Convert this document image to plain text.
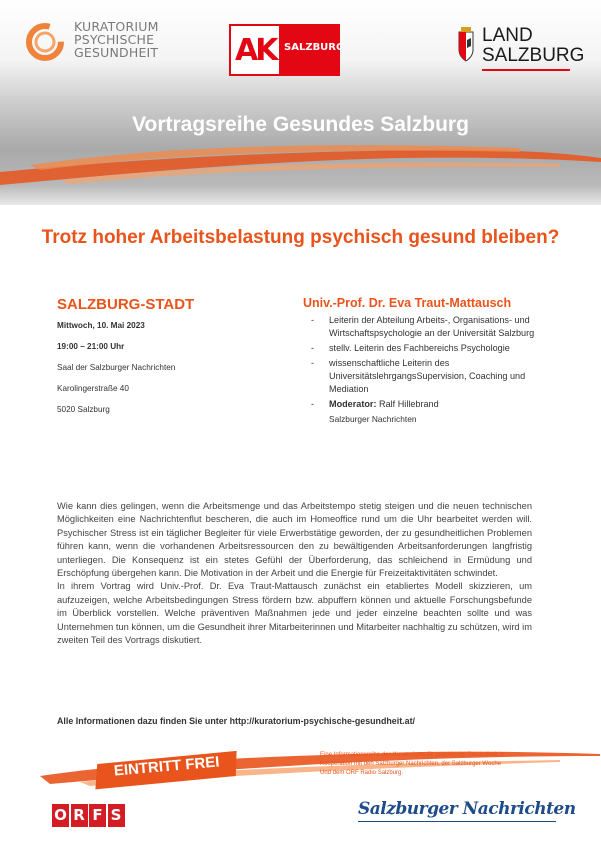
KURATORIUM
PSYCHISCHE
GESUNDHEIT	AK SALZBURG
LAND
SALZBURG
Vortragsreihe Gesundes Salzburg
Trotz hoher Arbeitsbelastung psychisch gesund bleiben?

SALZBURG-STADT

Mittwoch, 10. Mai 2023

19:00 – 21:00 Uhr

Saal der Salzburger Nachrichten

Karolingerstraße 40

5020 Salzburg

Univ.-Prof. Dr. Eva Traut-Mattausch

- Leiterin der Abteilung Arbeits-, Organisations- und Wirtschaftspsychologie an der Universität Salzburg
- stellv. Leiterin des Fachbereichs Psychologie
- wissenschaftliche Leiterin des UniversitätslehrgangsSupervision, Coaching und Mediation
- Moderator: Ralf Hillebrand
Salzburger Nachrichten

Wie kann dies gelingen, wenn die Arbeitsmenge und das Arbeitstempo stetig steigen und die neuen technischen Möglichkeiten eine Nachrichtenflut bescheren, die auch im Homeoffice rund um die Uhr bearbeitet werden will. Psychischer Stress ist ein täglicher Begleiter für viele Erwerbstätige geworden, der zu gesundheitlichen Problemen führen kann, wenn die vorhandenen Arbeitsressourcen den zu bewältigenden Arbeitsanforderungen langfristig unterliegen. Die Konsequenz ist ein stetes Gefühl der Überforderung, das schleichend in Ermüdung und Erschöpfung übergehen kann. Die Motivation in der Arbeit und die Energie für Freizeitaktivitäten schwindet.

In ihrem Vortrag wird Univ.-Prof. Dr. Eva Traut-Mattausch zunächst ein etabliertes Modell skizzieren, um aufzuzeigen, welche Arbeitsbedingungen Stress fördern bzw. abpuffern können und aktuelle Forschungsbefunde im Überblick vorstellen. Welche präventiven Maßnahmen jede und jeder einzelne beachten sollte und was Unternehmen tun können, um die Gesundheit ihrer Mitarbeiterinnen und Mitarbeiter nachhaltig zu schützen, wird im zweiten Teil des Vortrags diskutiert.

Alle Informationen dazu finden Sie unter http://kuratorium-psychische-gesundheit.at/
EINTRITT FREI	Eine Informationsreihe des Kuratoriums für psychische Gesundheit in
Kooperation mit den Salzburger Nachrichten, der Salzburger Woche
Und dem ORF Radio Salzburg.
O R F S	Salzburger Nachrichten
